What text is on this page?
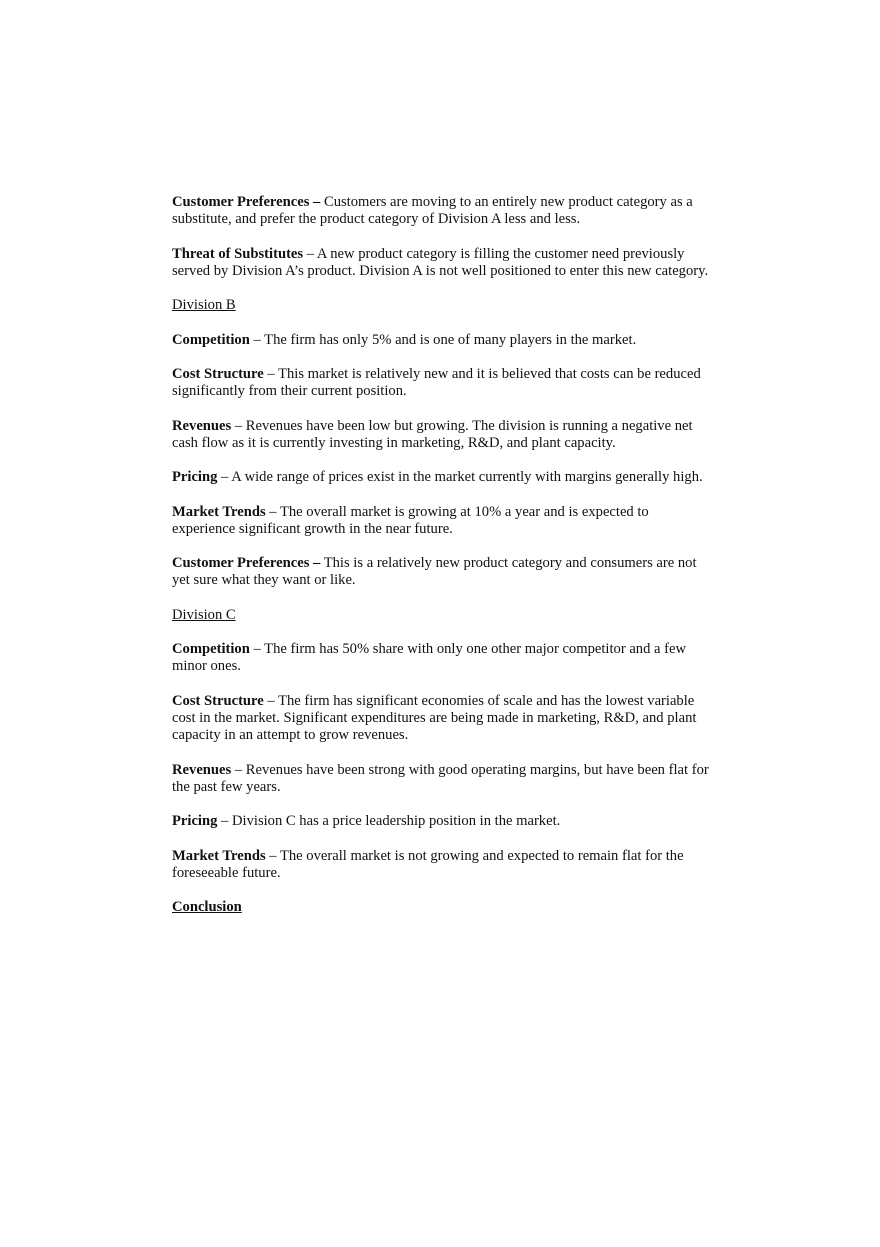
Customer Preferences – Customers are moving to an entirely new product category as a substitute, and prefer the product category of Division A less and less.

Threat of Substitutes – A new product category is filling the customer need previously served by Division A’s product. Division A is not well positioned to enter this new category.

Division B

Competition – The firm has only 5% and is one of many players in the market.

Cost Structure – This market is relatively new and it is believed that costs can be reduced significantly from their current position.

Revenues – Revenues have been low but growing. The division is running a negative net cash flow as it is currently investing in marketing, R&D, and plant capacity.

Pricing – A wide range of prices exist in the market currently with margins generally high.

Market Trends – The overall market is growing at 10% a year and is expected to experience significant growth in the near future.

Customer Preferences – This is a relatively new product category and consumers are not yet sure what they want or like.

Division C

Competition – The firm has 50% share with only one other major competitor and a few minor ones.

Cost Structure – The firm has significant economies of scale and has the lowest variable cost in the market. Significant expenditures are being made in marketing, R&D, and plant capacity in an attempt to grow revenues.

Revenues – Revenues have been strong with good operating margins, but have been flat for the past few years.

Pricing – Division C has a price leadership position in the market.

Market Trends – The overall market is not growing and expected to remain flat for the foreseeable future.

Conclusion
